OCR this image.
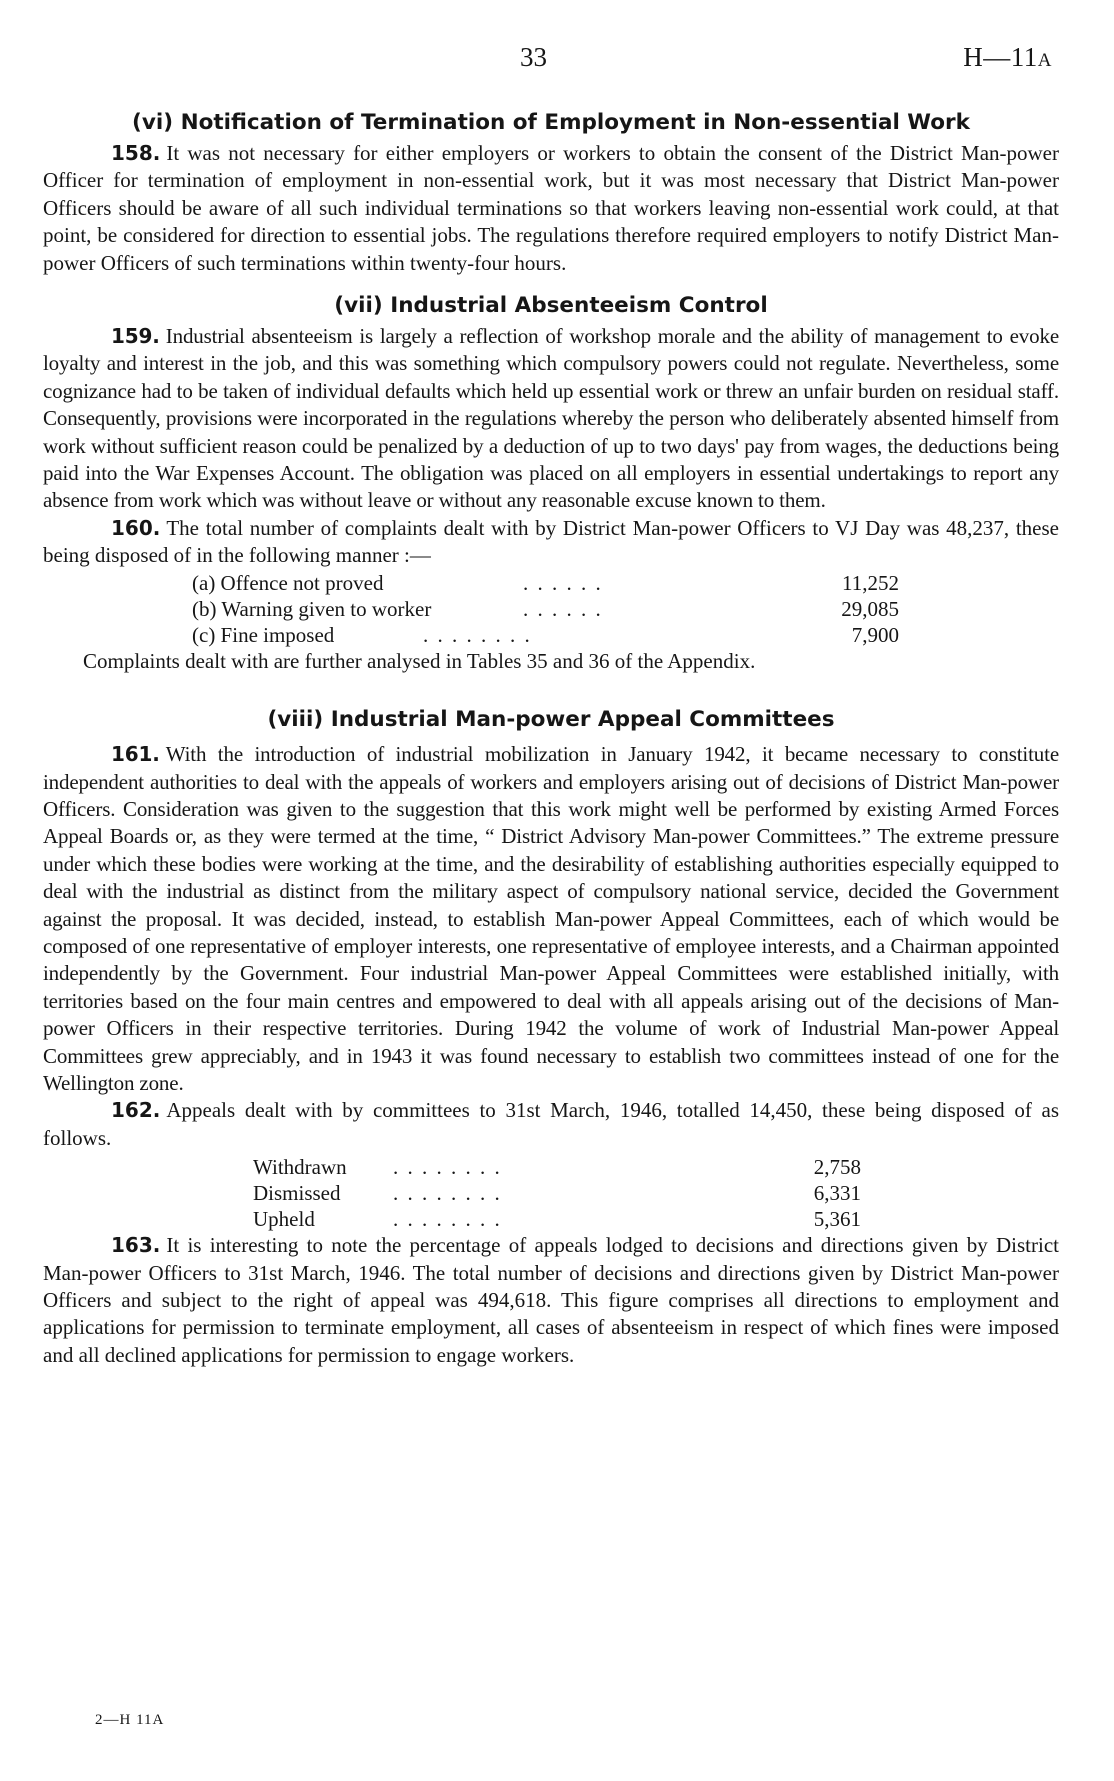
33	H—11A
(vi) Notification of Termination of Employment in Non-essential Work

158. It was not necessary for either employers or workers to obtain the consent of the District Man-power Officer for termination of employment in non-essential work, but it was most necessary that District Man-power Officers should be aware of all such individual terminations so that workers leaving non-essential work could, at that point, be considered for direction to essential jobs. The regulations therefore required employers to notify District Man-power Officers of such terminations within twenty-four hours.

(vii) Industrial Absenteeism Control

159. Industrial absenteeism is largely a reflection of workshop morale and the ability of management to evoke loyalty and interest in the job, and this was something which compulsory powers could not regulate. Nevertheless, some cognizance had to be taken of individual defaults which held up essential work or threw an unfair burden on residual staff. Consequently, provisions were incorporated in the regulations whereby the person who deliberately absented himself from work without sufficient reason could be penalized by a deduction of up to two days' pay from wages, the deductions being paid into the War Expenses Account. The obligation was placed on all employers in essential undertakings to report any absence from work which was without leave or without any reasonable excuse known to them.

160. The total number of complaints dealt with by District Man-power Officers to VJ Day was 48,237, these being disposed of in the following manner :—

(a) Offence not proved	. . . . . .	11,252
(b) Warning given to worker	. . . . . .	29,085
(c) Fine imposed	. . . . . . . .	7,900

Complaints dealt with are further analysed in Tables 35 and 36 of the Appendix.

(viii) Industrial Man-power Appeal Committees

161. With the introduction of industrial mobilization in January 1942, it became necessary to constitute independent authorities to deal with the appeals of workers and employers arising out of decisions of District Man-power Officers. Consideration was given to the suggestion that this work might well be performed by existing Armed Forces Appeal Boards or, as they were termed at the time, “ District Advisory Man-power Committees.” The extreme pressure under which these bodies were working at the time, and the desirability of establishing authorities especially equipped to deal with the industrial as distinct from the military aspect of compulsory national service, decided the Government against the proposal. It was decided, instead, to establish Man-power Appeal Committees, each of which would be composed of one representative of employer interests, one representative of employee interests, and a Chairman appointed independently by the Government. Four industrial Man-power Appeal Committees were established initially, with territories based on the four main centres and empowered to deal with all appeals arising out of the decisions of Man-power Officers in their respective territories. During 1942 the volume of work of Industrial Man-power Appeal Committees grew appreciably, and in 1943 it was found necessary to establish two committees instead of one for the Wellington zone.

162. Appeals dealt with by committees to 31st March, 1946, totalled 14,450, these being disposed of as follows.

Withdrawn . . . . . . . .	2,758
Dismissed . . . . . . . .	6,331
Upheld	. . . . . . . .	5,361

163. It is interesting to note the percentage of appeals lodged to decisions and directions given by District Man-power Officers to 31st March, 1946. The total number of decisions and directions given by District Man-power Officers and subject to the right of appeal was 494,618. This figure comprises all directions to employment and applications for permission to terminate employment, all cases of absenteeism in respect of which fines were imposed and all declined applications for permission to engage workers.

2—H 11A
